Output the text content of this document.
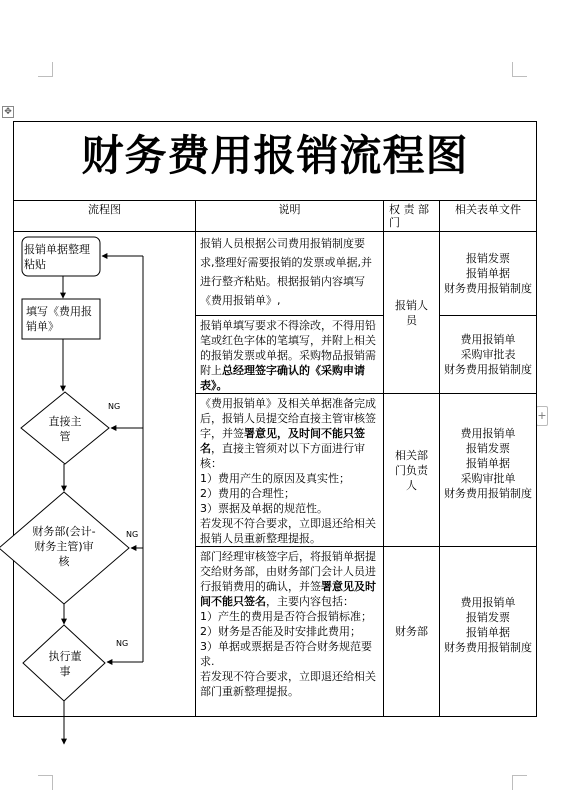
✥
+
财务费用报销流程图
流程图	说明	权 责 部门
相关表单文件
报销人员根据公司费用报销制度要求,整理好需要报销的发票或单据,并进行整齐粘贴。根据报销内容填写《费用报销单》,
报销单填写要求不得涂改，不得用铅笔或红色字体的笔填写，并附上相关的报销发票或单据。采购物品报销需附上总经理签字确认的《采购申请表》。
《费用报销单》及相关单据准备完成后，报销人员提交给直接主管审核签字，并签署意见，及时间不能只签名，直接主管须对以下方面进行审核：
1）费用产生的原因及真实性；
2）费用的合理性；
3）票据及单据的规范性。
若发现不符合要求，立即退还给相关报销人员重新整理提报。
部门经理审核签字后，将报销单据提交给财务部，由财务部门会计人员进行报销费用的确认，并签署意见及时间不能只签名，主要内容包括：
1）产生的费用是否符合报销标准；
2）财务是否能及时安排此费用；
3）单据或票据是否符合财务规范要求.
若发现不符合要求，立即退还给相关部门重新整理提报。
报销人员
相关部门负责人
财务部
报销发票
报销单据
财务费用报销制度
费用报销单
采购审批表
财务费用报销制度
费用报销单
报销发票
报销单据
采购审批单
财务费用报销制度
费用报销单
报销发票
报销单据
财务费用报销制度
报销单据整理粘贴
填写《费用报销单》
直接主管
财务部(会计-财务主管)审核
执行董事
NG
NG
NG
